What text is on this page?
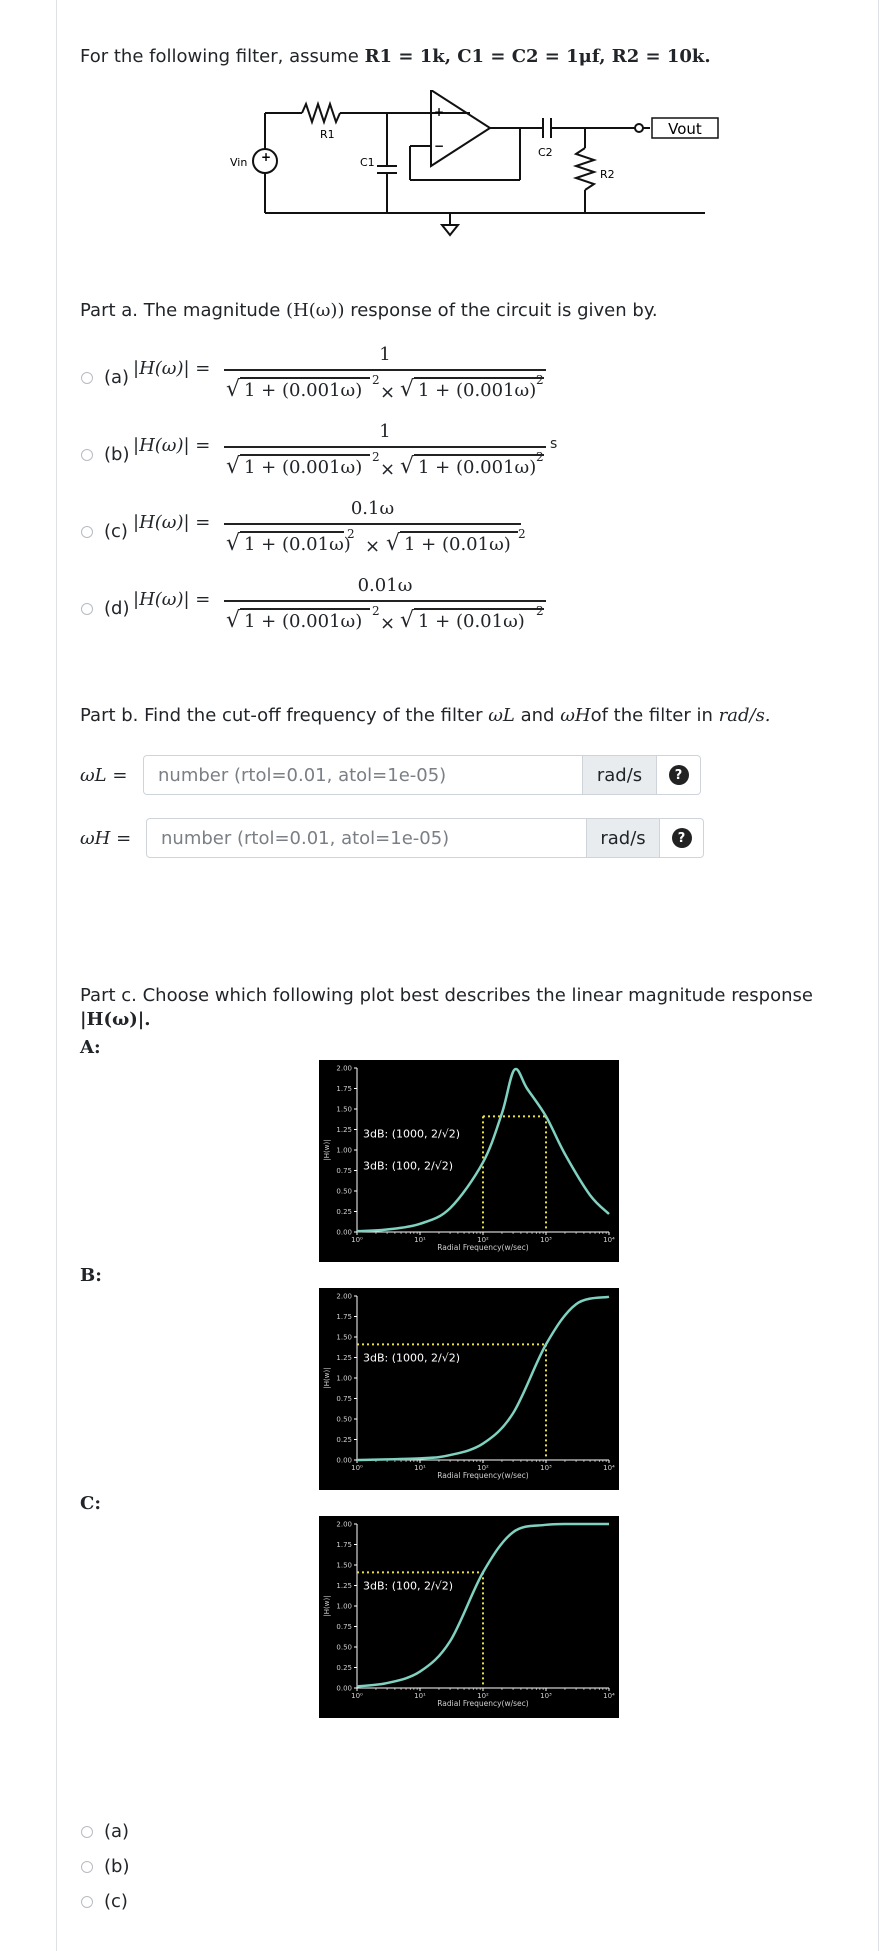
For the following filter, assume R1 = 1k, C1 = C2 = 1μf, R2 = 10k.
Vout
R1
C1
C2
R2
Vin +
+
−
Part a. The magnitude (H(ω)) response of the circuit is given by.
Part b. Find the cut-off frequency of the filter ωL and ωHof the filter in rad/s.
ωL =
number (rtol=0.01, atol=1e-05)	rad/s	?
ωH =
number (rtol=0.01, atol=1e-05)	rad/s	?
Part c. Choose which following plot best describes the linear magnitude response
|H(ω)|.
A:
B:
C:
0.00
0.25
0.50
0.75
1.00
1.25
1.50
1.75
2.00
10⁰	10¹	10²	10³	10⁴
Radial Frequency(w/sec)
|H(w)|
3dB: (1000, 2/√2)
3dB: (100, 2/√2)
0.00
0.25
0.50
0.75
1.00
1.25
1.50
1.75
2.00
10⁰	10¹	10²	10³	10⁴
Radial Frequency(w/sec)
|H(w)|
3dB: (1000, 2/√2)
0.00
0.25
0.50
0.75
1.00
1.25
1.50
1.75
2.00
10⁰	10¹	10²	10³	10⁴
Radial Frequency(w/sec)
|H(w)|
3dB: (100, 2/√2)
(a)
(b)
(c)
(a) |H(ω)| =
1
√ 1 + (0.001ω) 2
× √ 1 + (0.001ω) 2
(b) |H(ω)| =
1
√ 1 + (0.001ω) 2
× √ 1 + (0.001ω) 2
s
(c) |H(ω)| =
0.1ω
√ 1 + (0.01ω)
2
× √ 1 + (0.01ω) 2
(d) |H(ω)| =
0.01ω
√ 1 + (0.001ω) 2
× √ 1 + (0.01ω) 2
